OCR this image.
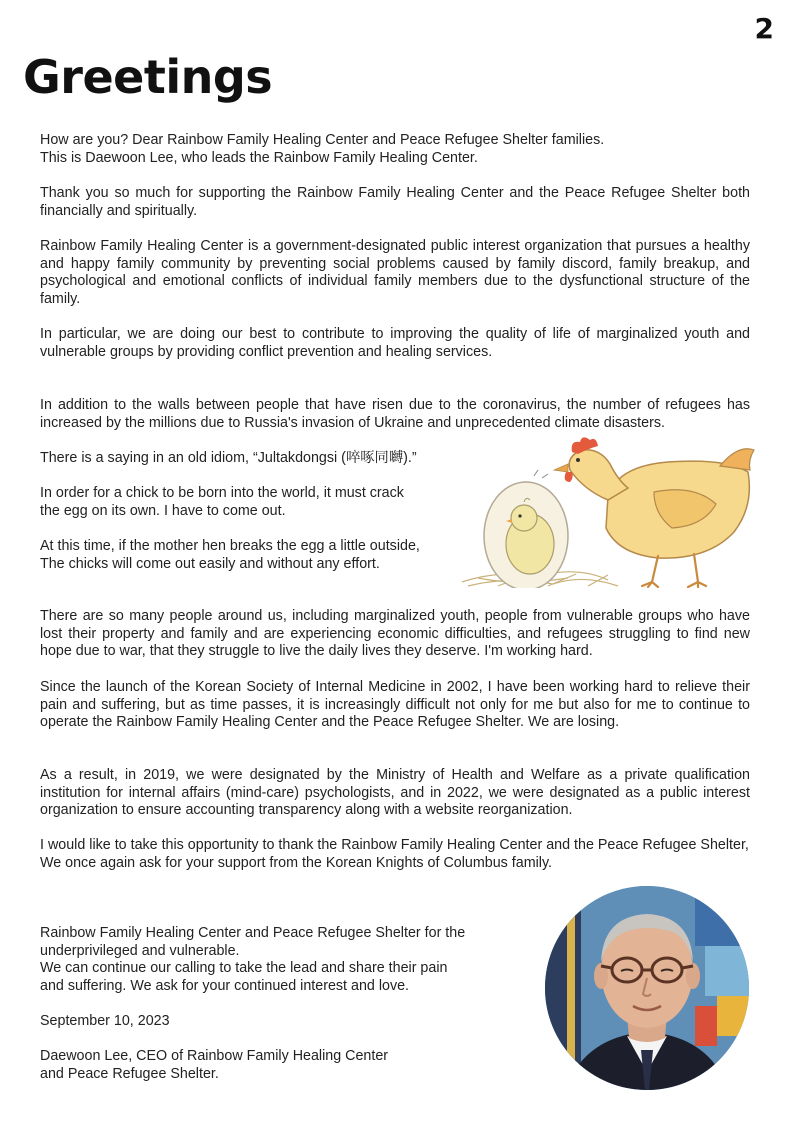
2
Greetings

How are you? Dear Rainbow Family Healing Center and Peace Refugee Shelter families.
This is Daewoon Lee, who leads the Rainbow Family Healing Center.

Thank you so much for supporting the Rainbow Family Healing Center and the Peace Refugee Shelter both financially and spiritually.

Rainbow Family Healing Center is a government-designated public interest organization that pursues a healthy and happy family community by preventing social problems caused by family discord, family breakup, and psychological and emotional conflicts of individual family members due to the dysfunctional structure of the family.

In particular, we are doing our best to contribute to improving the quality of life of marginalized youth and vulnerable groups by providing conflict prevention and healing services.

In addition to the walls between people that have risen due to the coronavirus, the number of refugees has increased by the millions due to Russia's invasion of Ukraine and unprecedented climate disasters.

There is a saying in an old idiom, “Jultakdongsi (啐啄同嚩).”

In order for a chick to be born into the world, it must crack
the egg on its own. I have to come out.

At this time, if the mother hen breaks the egg a little outside,
The chicks will come out easily and without any effort.

There are so many people around us, including marginalized youth, people from vulnerable groups who have lost their property and family and are experiencing economic difficulties, and refugees struggling to find new hope due to war, that they struggle to live the daily lives they deserve. I'm working hard.

Since the launch of the Korean Society of Internal Medicine in 2002, I have been working hard to relieve their pain and suffering, but as time passes, it is increasingly difficult not only for me but also for me to continue to operate the Rainbow Family Healing Center and the Peace Refugee Shelter. We are losing.

As a result, in 2019, we were designated by the Ministry of Health and Welfare as a private qualification institution for internal affairs (mind-care) psychologists, and in 2022, we were designated as a public interest organization to ensure accounting transparency along with a website reorganization.

I would like to take this opportunity to thank the Rainbow Family Healing Center and the Peace Refugee Shelter,
We once again ask for your support from the Korean Knights of Columbus family.

Rainbow Family Healing Center and Peace Refugee Shelter for the
underprivileged and vulnerable.
We can continue our calling to take the lead and share their pain
and suffering. We ask for your continued interest and love.

September 10, 2023

Daewoon Lee, CEO of Rainbow Family Healing Center
and Peace Refugee Shelter.
